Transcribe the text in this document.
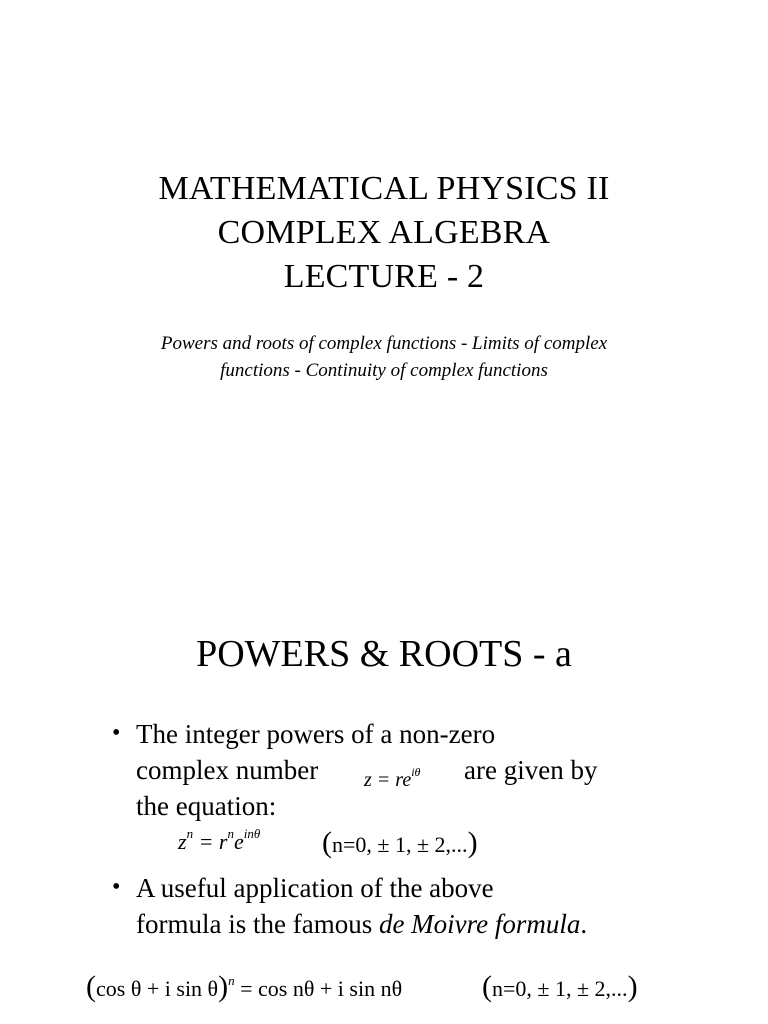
MATHEMATICAL PHYSICS II
COMPLEX ALGEBRA
LECTURE - 2
Powers and roots of complex functions - Limits of complex functions - Continuity of complex functions
POWERS & ROOTS - a
• The integer powers of a non-zero
complex number $z = re^{i\theta}$ are given by
the equation:
$z^n = r^ne^{in\theta}$ (n=0, ± 1, ± 2,...)
• A useful application of the above
formula is the famous de Moivre formula.
(cos θ + i sin θ)$^n$ = cos nθ + i sin nθ	(n=0, ± 1, ± 2,...)
